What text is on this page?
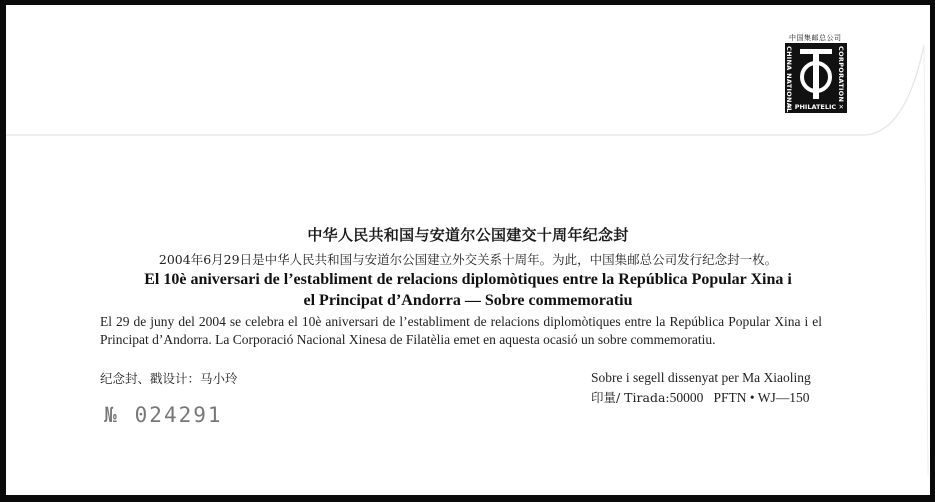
中国集邮总公司
CHINA NATIONAL	CORPORATION
✕ PHILATELIC ✕
中华人民共和国与安道尔公国建交十周年纪念封
2004年6月29日是中华人民共和国与安道尔公国建立外交关系十周年。为此，中国集邮总公司发行纪念封一枚。
El 10è aniversari de l’establiment de relacions diplomòtiques entre la República Popular Xina i
el Principat d’Andorra — Sobre commemoratiu
El 29 de juny del 2004 se celebra el 10è aniversari de l’establiment de relacions diplomòtiques entre la República Popular Xina i el Principat d’Andorra. La Corporació Nacional Xinesa de Filatèlia emet en aquesta ocasió un sobre commemoratiu.
纪念封、戳设计：马小玲	Sobre i segell dissenyat per Ma Xiaoling
印量/ Tirada:50000 PFTN • WJ—150
№ 024291
